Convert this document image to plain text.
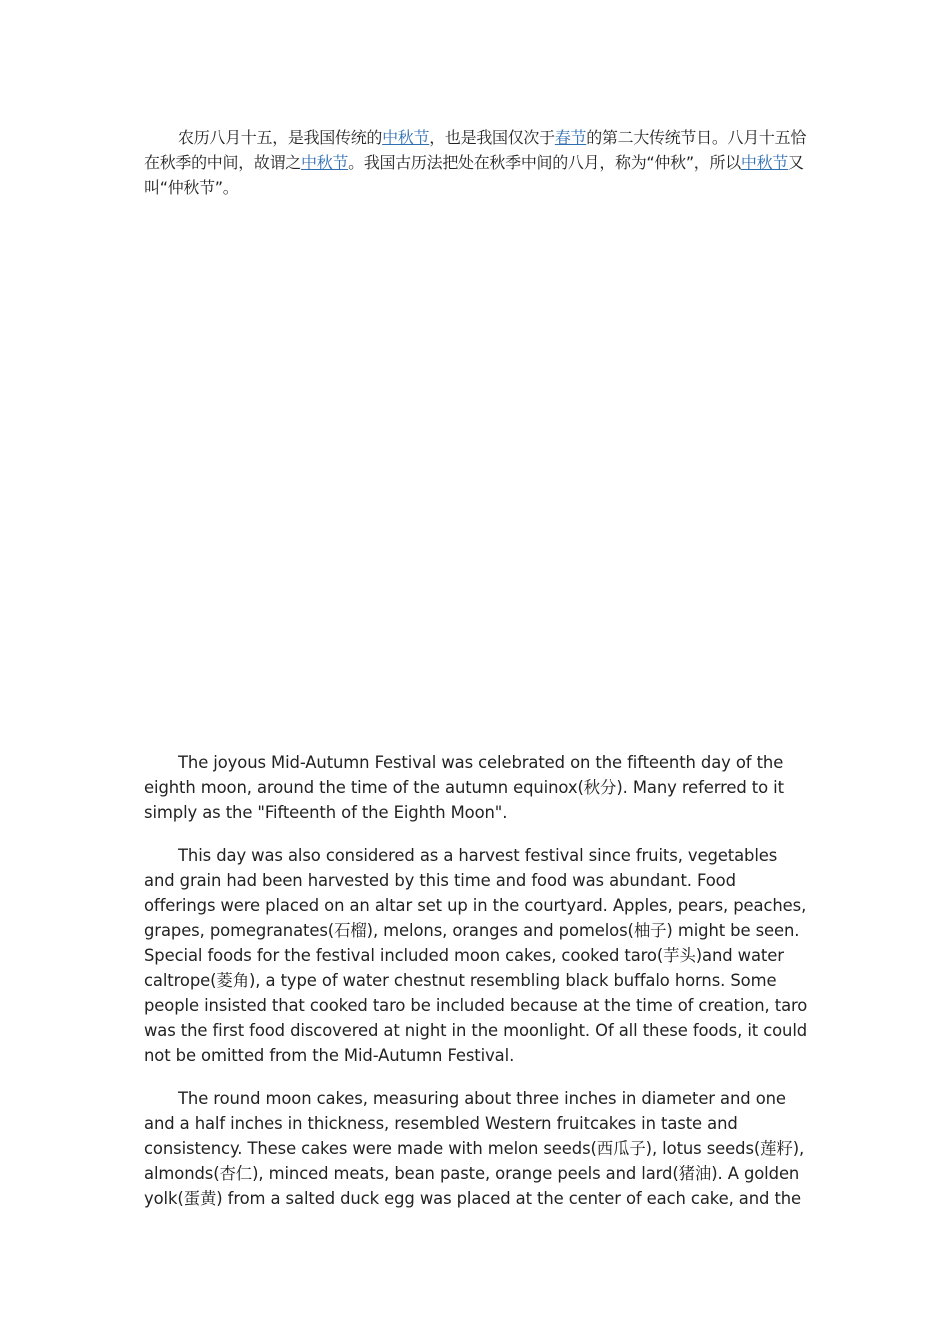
农历八月十五，是我国传统的中秋节，也是我国仅次于春节的第二大传统节日。八月十五恰在秋季的中间，故谓之中秋节。我国古历法把处在秋季中间的八月，称为“仲秋”，所以中秋节又叫“仲秋节”。

The joyous Mid-Autumn Festival was celebrated on the fifteenth day of the eighth moon, around the time of the autumn equinox(秋分). Many referred to it simply as the "Fifteenth of the Eighth Moon".

This day was also considered as a harvest festival since fruits, vegetables and grain had been harvested by this time and food was abundant. Food offerings were placed on an altar set up in the courtyard. Apples, pears, peaches, grapes, pomegranates(石榴), melons, oranges and pomelos(柚子) might be seen. Special foods for the festival included moon cakes, cooked taro(芋头)and water caltrope(菱角), a type of water chestnut resembling black buffalo horns. Some people insisted that cooked taro be included because at the time of creation, taro was the first food discovered at night in the moonlight. Of all these foods, it could not be omitted from the Mid-Autumn Festival.

The round moon cakes, measuring about three inches in diameter and one and a half inches in thickness, resembled Western fruitcakes in taste and consistency. These cakes were made with melon seeds(西瓜子), lotus seeds(莲籽), almonds(杏仁), minced meats, bean paste, orange peels and lard(猪油). A golden yolk(蛋黄) from a salted duck egg was placed at the center of each cake, and the
